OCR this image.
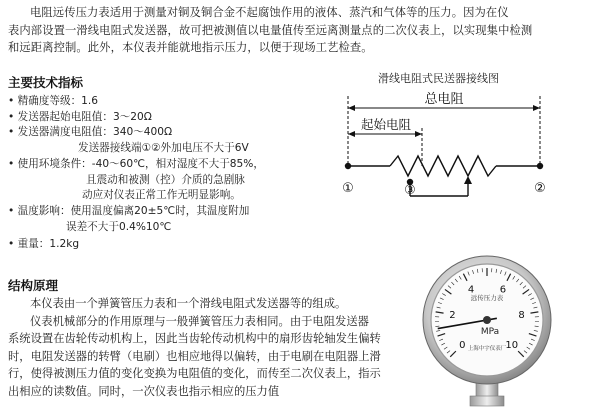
电阻远传压力表适用于测量对铜及铜合金不起腐蚀作用的液体、蒸汽和气体等的压力。因为在仪
表内部设置一滑线电阻式发送器，故可把被测值以电量值传至远离测量点的二次仪表上，以实现集中检测
和远距离控制。此外，本仪表并能就地指示压力，以便于现场工艺检查。
主要技术指标
• 精确度等级：1.6
• 发送器起始电阻值：3～20Ω
• 发送器满度电阻值：340～400Ω
发送器接线端①②外加电压不大于6V
• 使用环境条件：-40～60℃，相对湿度不大于85%，
且震动和被测（控）介质的急剧脉
动应对仪表正常工作无明显影响。
• 温度影响：使用温度偏离20±5℃时，其温度附加
误差不大于0.4%10℃
• 重量：1.2kg
滑线电阻式民送器接线图
总电阻
起始电阻
①	③	②
结构原理

本仪表由一个弹簧管压力表和一个滑线电阻式发送器等的组成。

仪表机械部分的作用原理与一般弹簧管压力表相同。由于电阻发送器

系统设置在齿轮传动机构上，因此当齿轮传动机构中的扇形齿轮轴发生偏转
时，电阻发送器的转臂（电刷）也相应地得以偏转，由于电刷在电阻器上滑
行，使得被测压力值的变化变换为电阻值的变化，而传至二次仪表上，指示
出相应的读数值。同时，一次仪表也指示相应的压力值
0
2
4	6
8
10
远传压力表
MPa
上海中宇仪表厂
